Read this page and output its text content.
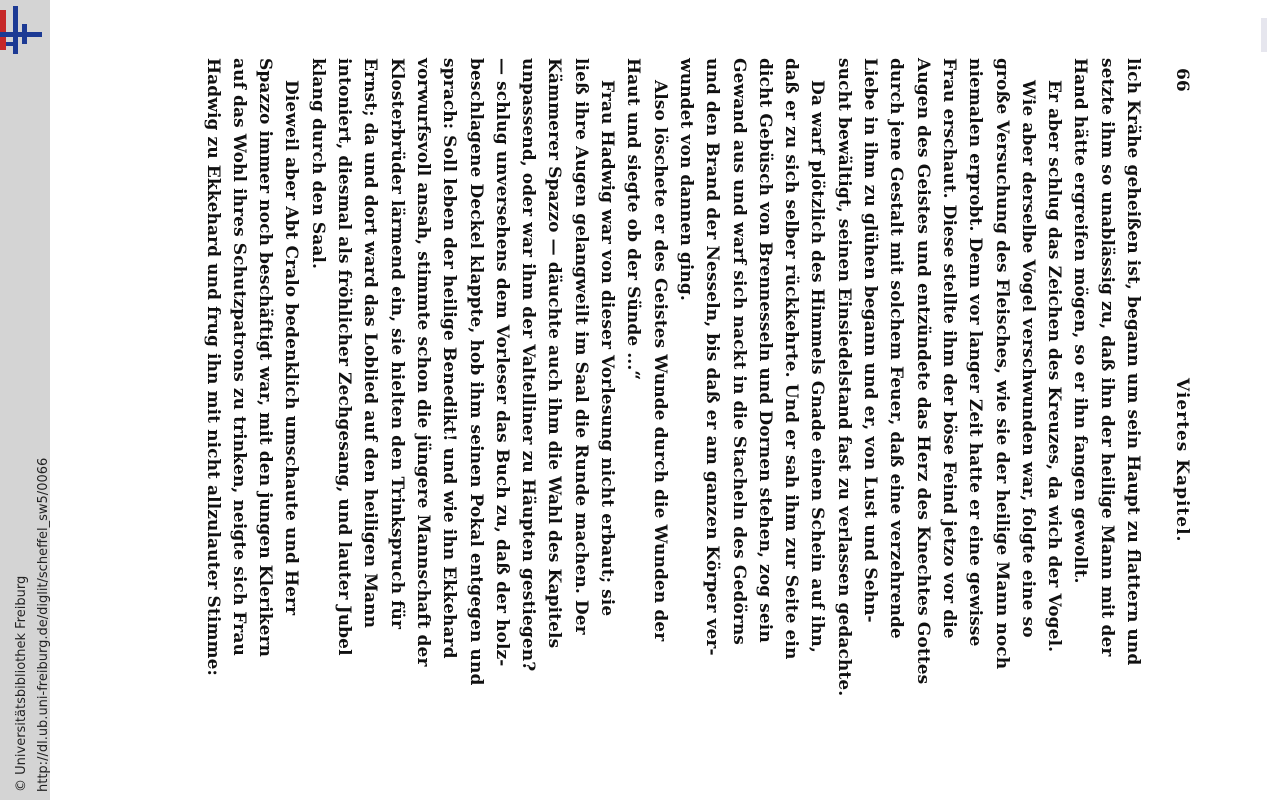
http://dl.ub.uni-freiburg.de/diglit/scheffel_sw5/0066
© Universitätsbibliothek Freiburg
66
Viertes Kapitel.
lich Krähe geheißen ist, begann um sein Haupt zu flattern und
setzte ihm so unablässig zu, daß ihn der heilige Mann mit der
Hand hätte ergreifen mögen, so er ihn fangen gewollt.
Er aber schlug das Zeichen des Kreuzes, da wich der Vogel.
Wie aber derselbe Vogel verschwunden war, folgte eine so
große Versuchung des Fleisches, wie sie der heilige Mann noch
niemalen erprobt. Denn vor langer Zeit hatte er eine gewisse
Frau erschaut. Diese stellte ihm der böse Feind jetzo vor die
Augen des Geistes und entzündete das Herz des Knechtes Gottes
durch jene Gestalt mit solchem Feuer, daß eine verzehrende
Liebe in ihm zu glühen begann und er, von Lust und Sehn-
sucht bewältigt, seinen Einsiedelstand fast zu verlassen gedachte.
Da warf plötzlich des Himmels Gnade einen Schein auf ihn,
daß er zu sich selber rückkehrte. Und er sah ihm zur Seite ein
dicht Gebüsch von Brennesseln und Dornen stehen, zog sein
Gewand aus und warf sich nackt in die Stacheln des Gedörns
und den Brand der Nesseln, bis daß er am ganzen Körper ver-
wundet von dannen ging.
Also löschete er des Geistes Wunde durch die Wunden der
Haut und siegte ob der Sünde ...“
Frau Hadwig war von dieser Vorlesung nicht erbaut; sie
ließ ihre Augen gelangweilt im Saal die Runde machen. Der
Kämmerer Spazzo — däuchte auch ihm die Wahl des Kapitels
unpassend, oder war ihm der Valtelliner zu Häupten gestiegen?
— schlug unversehens dem Vorleser das Buch zu, daß der holz-
beschlagene Deckel klappte, hob ihm seinen Pokal entgegen und
sprach: Soll leben der heilige Benedikt! und wie ihn Ekkehard
vorwurfsvoll ansah, stimmte schon die jüngere Mannschaft der
Klosterbrüder lärmend ein, sie hielten den Trinkspruch für
Ernst; da und dort ward das Loblied auf den heiligen Mann
intoniert, diesmal als fröhlicher Zechgesang, und lauter Jubel
klang durch den Saal.
Dieweil aber Abt Cralo bedenklich umschaute und Herr
Spazzo immer noch beschäftigt war, mit den jungen Klerikern
auf das Wohl ihres Schutzpatrons zu trinken, neigte sich Frau
Hadwig zu Ekkehard und frug ihn mit nicht allzulauter Stimme:
